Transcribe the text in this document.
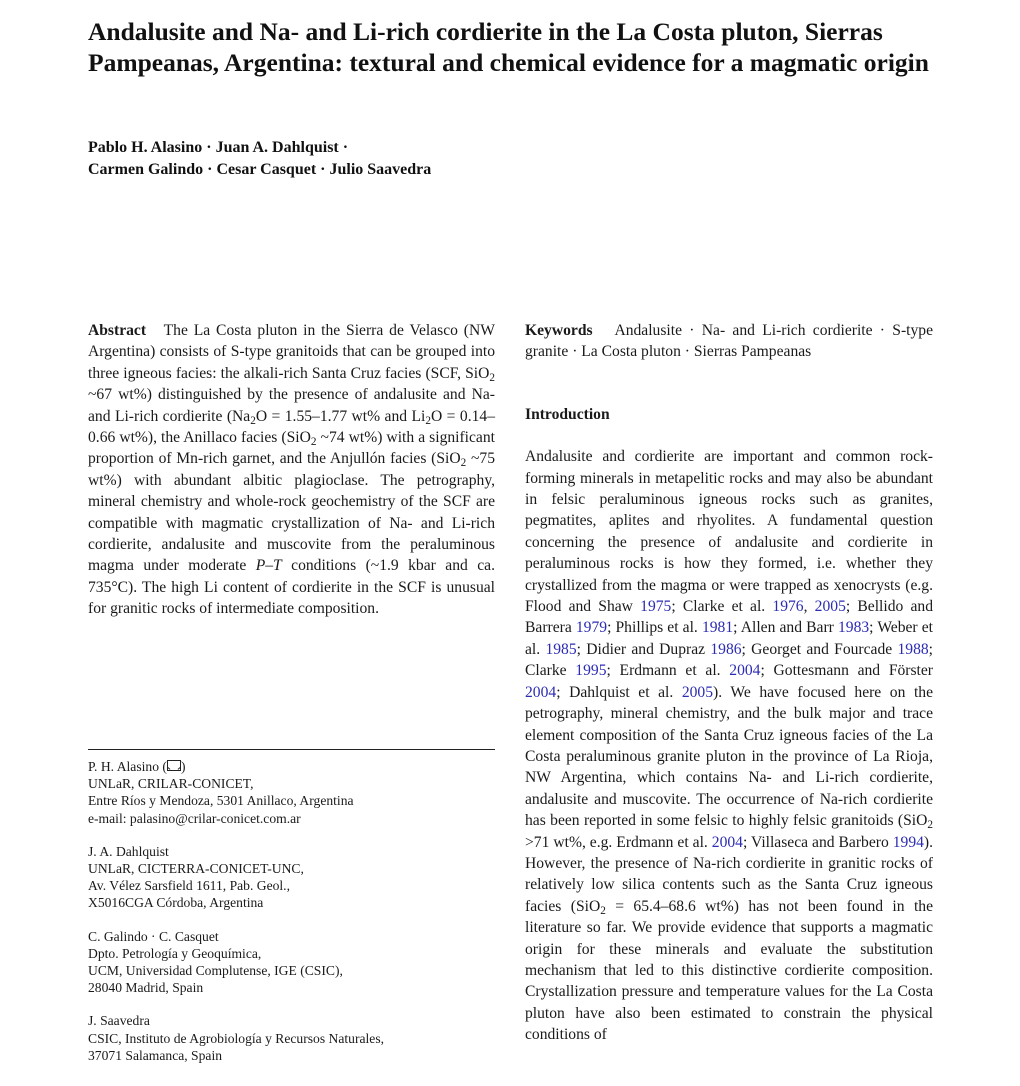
Andalusite and Na- and Li-rich cordierite in the La Costa pluton, Sierras Pampeanas, Argentina: textural and chemical evidence for a magmatic origin
Pablo H. Alasino · Juan A. Dahlquist ·
Carmen Galindo · Cesar Casquet · Julio Saavedra
Abstract The La Costa pluton in the Sierra de Velasco (NW Argentina) consists of S-type granitoids that can be grouped into three igneous facies: the alkali-rich Santa Cruz facies (SCF, SiO$_2$ ~67 wt%) distinguished by the presence of andalusite and Na- and Li-rich cordierite ($Na_2O = 1.55-1.77$ wt% and $Li_2O = 0.14-0.66$ wt%), the Anillaco facies (SiO$_2$ ~74 wt%) with a significant proportion of Mn-rich garnet, and the Anjullón facies (SiO$_2$ ~75 wt%) with abundant albitic plagioclase. The petrography, mineral chemistry and whole-rock geochemistry of the SCF are compatible with magmatic crystallization of Na- and Li-rich cordierite, andalusite and muscovite from the peraluminous magma under moderate P–T conditions (~1.9 kbar and ca. 735°C). The high Li content of cordierite in the SCF is unusual for granitic rocks of intermediate composition.
P. H. Alasino ( )
UNLaR, CRILAR-CONICET,
Entre Ríos y Mendoza, 5301 Anillaco, Argentina
e-mail: palasino@crilar-conicet.com.ar
J. A. Dahlquist
UNLaR, CICTERRA-CONICET-UNC,
Av. Vélez Sarsfield 1611, Pab. Geol.,
X5016CGA Córdoba, Argentina
C. Galindo · C. Casquet
Dpto. Petrología y Geoquímica,
UCM, Universidad Complutense, IGE (CSIC),
28040 Madrid, Spain
J. Saavedra
CSIC, Instituto de Agrobiología y Recursos Naturales,
37071 Salamanca, Spain
Keywords Andalusite · Na- and Li-rich cordierite · S-type granite · La Costa pluton · Sierras Pampeanas
Introduction
Andalusite and cordierite are important and common rock-forming minerals in metapelitic rocks and may also be abundant in felsic peraluminous igneous rocks such as granites, pegmatites, aplites and rhyolites. A fundamental question concerning the presence of andalusite and cordierite in peraluminous rocks is how they formed, i.e. whether they crystallized from the magma or were trapped as xenocrysts (e.g. Flood and Shaw 1975; Clarke et al. 1976, 2005; Bellido and Barrera 1979; Phillips et al. 1981; Allen and Barr 1983; Weber et al. 1985; Didier and Dupraz 1986; Georget and Fourcade 1988; Clarke 1995; Erdmann et al. 2004; Gottesmann and Förster 2004; Dahlquist et al. 2005). We have focused here on the petrography, mineral chemistry, and the bulk major and trace element composition of the Santa Cruz igneous facies of the La Costa peraluminous granite pluton in the province of La Rioja, NW Argentina, which contains Na- and Li-rich cordierite, andalusite and muscovite. The occurrence of Na-rich cordierite has been reported in some felsic to highly felsic granitoids (SiO$_2$ >71 wt%, e.g. Erdmann et al. 2004; Villaseca and Barbero 1994). However, the presence of Na-rich cordierite in granitic rocks of relatively low silica contents such as the Santa Cruz igneous facies (SiO$_2$ = 65.4–68.6 wt%) has not been found in the literature so far. We provide evidence that supports a magmatic origin for these minerals and evaluate the substitution mechanism that led to this distinctive cordierite composition. Crystallization pressure and temperature values for the La Costa pluton have also been estimated to constrain the physical conditions of
